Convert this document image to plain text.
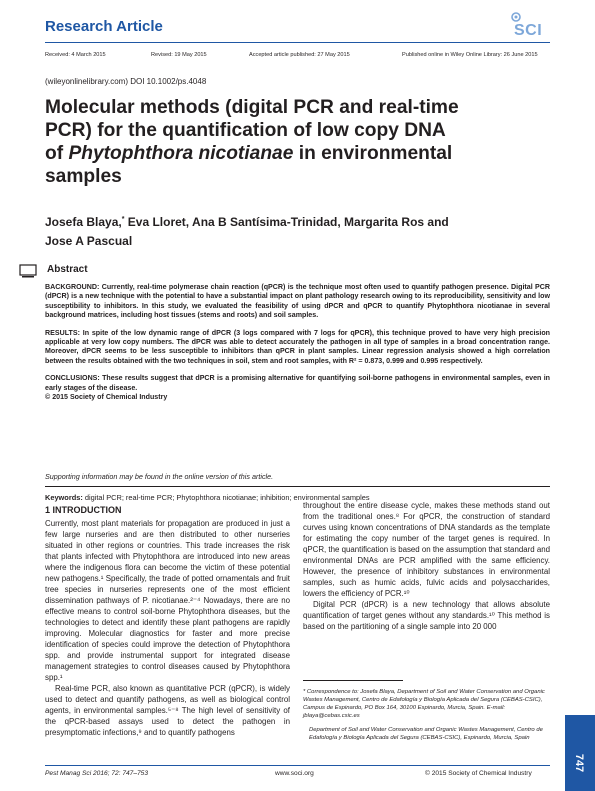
Research Article	SCI
Received: 4 March 2015	Revised: 19 May 2015	Accepted article published: 27 May 2015	Published online in Wiley Online Library: 26 June 2015
(wileyonlinelibrary.com) DOI 10.1002/ps.4048
Molecular methods (digital PCR and real-time
PCR) for the quantification of low copy DNA
of Phytophthora nicotianae in environmental
samples
Josefa Blaya,* Eva Lloret, Ana B Santísima-Trinidad, Margarita Ros and
Jose A Pascual
Abstract

BACKGROUND: Currently, real-time polymerase chain reaction (qPCR) is the technique most often used to quantify pathogen presence. Digital PCR (dPCR) is a new technique with the potential to have a substantial impact on plant pathology research owing to its reproducibility, sensitivity and low susceptibility to inhibitors. In this study, we evaluated the feasibility of using dPCR and qPCR to quantify Phytophthora nicotianae in several background matrices, including host tissues (stems and roots) and soil samples.

RESULTS: In spite of the low dynamic range of dPCR (3 logs compared with 7 logs for qPCR), this technique proved to have very high precision applicable at very low copy numbers. The dPCR was able to detect accurately the pathogen in all type of samples in a broad concentration range. Moreover, dPCR seems to be less susceptible to inhibitors than qPCR in plant samples. Linear regression analysis showed a high correlation between the results obtained with the two techniques in soil, stem and root samples, with R² = 0.873, 0.999 and 0.995 respectively.

CONCLUSIONS: These results suggest that dPCR is a promising alternative for quantifying soil-borne pathogens in environmental samples, even in early stages of the disease.

© 2015 Society of Chemical Industry

Supporting information may be found in the online version of this article.
Keywords: digital PCR; real-time PCR; Phytophthora nicotianae; inhibition; environmental samples
1 INTRODUCTION

Currently, most plant materials for propagation are produced in just a few large nurseries and are then distributed to other nurseries situated in other regions or countries. This trade increases the risk that plants infected with Phytophthora are introduced into new areas where the indigenous flora can become the victim of these potential new pathogens.¹ Specifically, the trade of potted ornamentals and fruit tree species in nurseries represents one of the most efficient dissemination pathways of P. nicotianae.²⁻⁴ Nowadays, there are no effective means to control soil-borne Phytophthora diseases, but the technologies to detect and identify these plant pathogens are rapidly improving. Molecular diagnostics for faster and more precise identification of species could improve the detection of Phytophthora spp. and provide instrumental support for integrated disease management strategies to control diseases caused by Phytophthora spp.¹

Real-time PCR, also known as quantitative PCR (qPCR), is widely used to detect and quantify pathogens, as well as biological control agents, in environmental samples.⁵⁻⁸ The high level of sensitivity of the qPCR-based assays used to detect the pathogen in presymptomatic infections,⁹ and to quantify pathogens

throughout the entire disease cycle, makes these methods stand out from the traditional ones.⁸ For qPCR, the construction of standard curves using known concentrations of DNA standards as the template for estimating the copy number of the target genes is required. In qPCR, the quantification is based on the assumption that standard and environmental DNAs are PCR amplified with the same efficiency. However, the presence of inhibitory substances in environmental samples, such as humic acids, fulvic acids and polysaccharides, lowers the efficiency of PCR.¹⁰

Digital PCR (dPCR) is a new technology that allows absolute quantification of target genes without any standards.¹⁰ This method is based on the partitioning of a single sample into 20 000

* Correspondence to: Josefa Blaya, Department of Soil and Water Conservation and Organic Wastes Management, Centro de Edafología y Biología Aplicada del Segura (CEBAS-CSIC), Campus de Espinardo, PO Box 164, 30100 Espinardo, Murcia, Spain. E-mail: jblaya@cebas.csic.es

Department of Soil and Water Conservation and Organic Wastes Management, Centro de Edafología y Biología Aplicada del Segura (CEBAS-CSIC), Espinardo, Murcia, Spain

Pest Manag Sci 2016; 72: 747–753	www.soci.org	© 2015 Society of Chemical Industry
747
